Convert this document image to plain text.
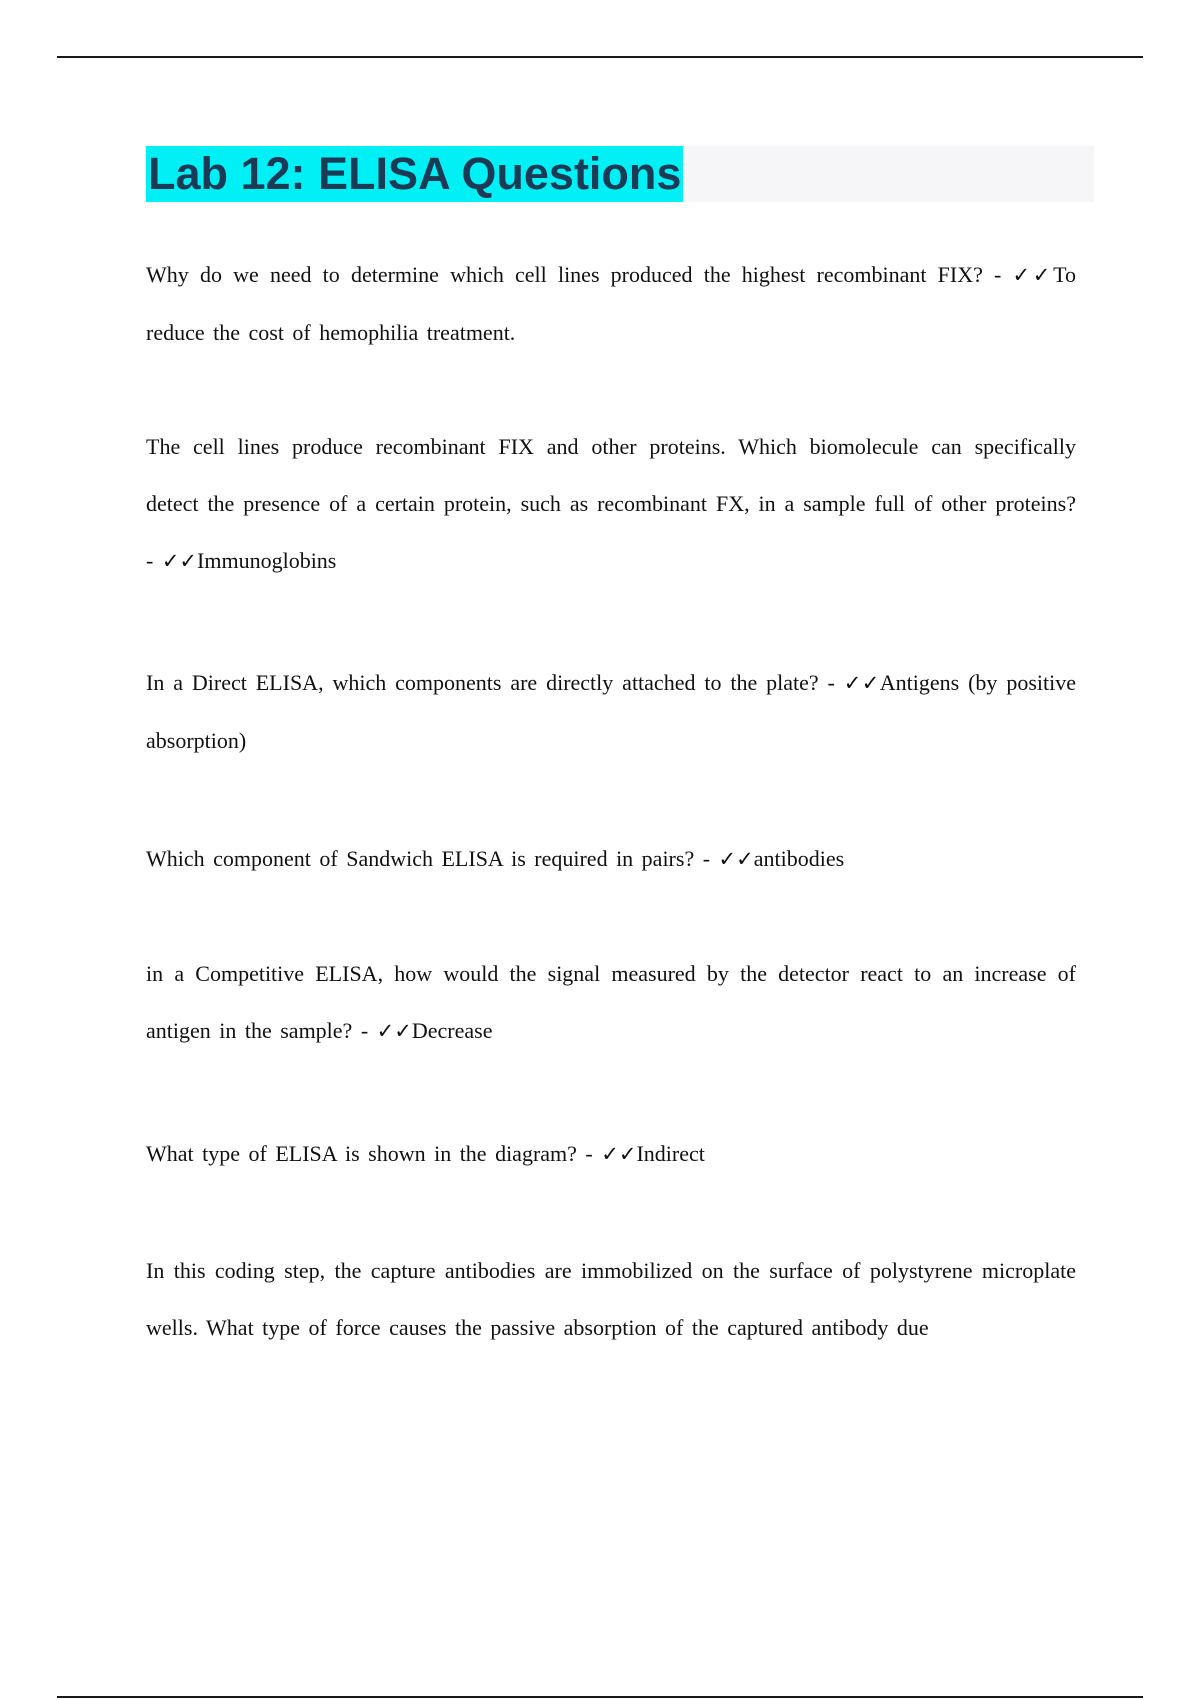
Lab 12: ELISA Questions
Why do we need to determine which cell lines produced the highest recombinant FIX? - ✓✓To reduce the cost of hemophilia treatment.
The cell lines produce recombinant FIX and other proteins. Which biomolecule can specifically detect the presence of a certain protein, such as recombinant FX, in a sample full of other proteins? - ✓✓Immunoglobins
In a Direct ELISA, which components are directly attached to the plate? - ✓✓Antigens (by positive absorption)
Which component of Sandwich ELISA is required in pairs? - ✓✓antibodies
in a Competitive ELISA, how would the signal measured by the detector react to an increase of antigen in the sample? - ✓✓Decrease
What type of ELISA is shown in the diagram? - ✓✓Indirect
In this coding step, the capture antibodies are immobilized on the surface of polystyrene microplate wells. What type of force causes the passive absorption of the captured antibody due
